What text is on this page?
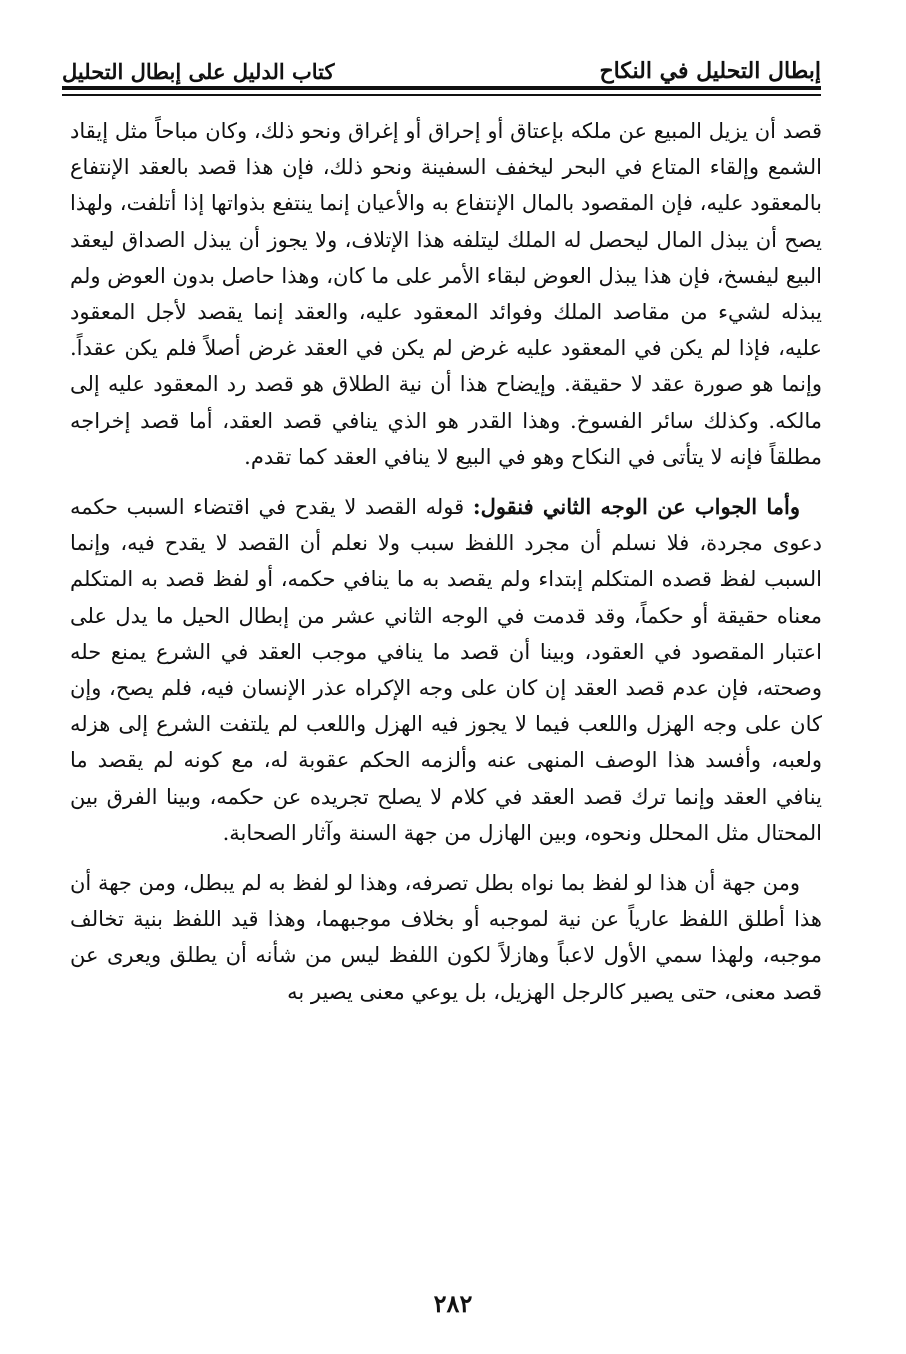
إبطال التحليل في النكاح
كتاب الدليل على إبطال التحليل

قصد أن يزيل المبيع عن ملكه بإعتاق أو إحراق أو إغراق ونحو ذلك، وكان مباحاً مثل إيقاد الشمع وإلقاء المتاع في البحر ليخفف السفينة ونحو ذلك، فإن هذا قصد بالعقد الإنتفاع بالمعقود عليه، فإن المقصود بالمال الإنتفاع به والأعيان إنما ينتفع بذواتها إذا أتلفت، ولهذا يصح أن يبذل المال ليحصل له الملك ليتلفه هذا الإتلاف، ولا يجوز أن يبذل الصداق ليعقد البيع ليفسخ، فإن هذا يبذل العوض لبقاء الأمر على ما كان، وهذا حاصل بدون العوض ولم يبذله لشيء من مقاصد الملك وفوائد المعقود عليه، والعقد إنما يقصد لأجل المعقود عليه، فإذا لم يكن في المعقود عليه غرض لم يكن في العقد غرض أصلاً فلم يكن عقداً. وإنما هو صورة عقد لا حقيقة. وإيضاح هذا أن نية الطلاق هو قصد رد المعقود عليه إلى مالكه. وكذلك سائر الفسوخ. وهذا القدر هو الذي ينافي قصد العقد، أما قصد إخراجه مطلقاً فإنه لا يتأتى في النكاح وهو في البيع لا ينافي العقد كما تقدم.

وأما الجواب عن الوجه الثاني فنقول: قوله القصد لا يقدح في اقتضاء السبب حكمه دعوى مجردة، فلا نسلم أن مجرد اللفظ سبب ولا نعلم أن القصد لا يقدح فيه، وإنما السبب لفظ قصده المتكلم إبتداء ولم يقصد به ما ينافي حكمه، أو لفظ قصد به المتكلم معناه حقيقة أو حكماً، وقد قدمت في الوجه الثاني عشر من إبطال الحيل ما يدل على اعتبار المقصود في العقود، وبينا أن قصد ما ينافي موجب العقد في الشرع يمنع حله وصحته، فإن عدم قصد العقد إن كان على وجه الإكراه عذر الإنسان فيه، فلم يصح، وإن كان على وجه الهزل واللعب فيما لا يجوز فيه الهزل واللعب لم يلتفت الشرع إلى هزله ولعبه، وأفسد هذا الوصف المنهى عنه وألزمه الحكم عقوبة له، مع كونه لم يقصد ما ينافي العقد وإنما ترك قصد العقد في كلام لا يصلح تجريده عن حكمه، وبينا الفرق بين المحتال مثل المحلل ونحوه، وبين الهازل من جهة السنة وآثار الصحابة.

ومن جهة أن هذا لو لفظ بما نواه بطل تصرفه، وهذا لو لفظ به لم يبطل، ومن جهة أن هذا أطلق اللفظ عارياً عن نية لموجبه أو بخلاف موجبهما، وهذا قيد اللفظ بنية تخالف موجبه، ولهذا سمي الأول لاعباً وهازلاً لكون اللفظ ليس من شأنه أن يطلق ويعرى عن قصد معنى، حتى يصير كالرجل الهزيل، بل يوعي معنى يصير به

٢٨٢
